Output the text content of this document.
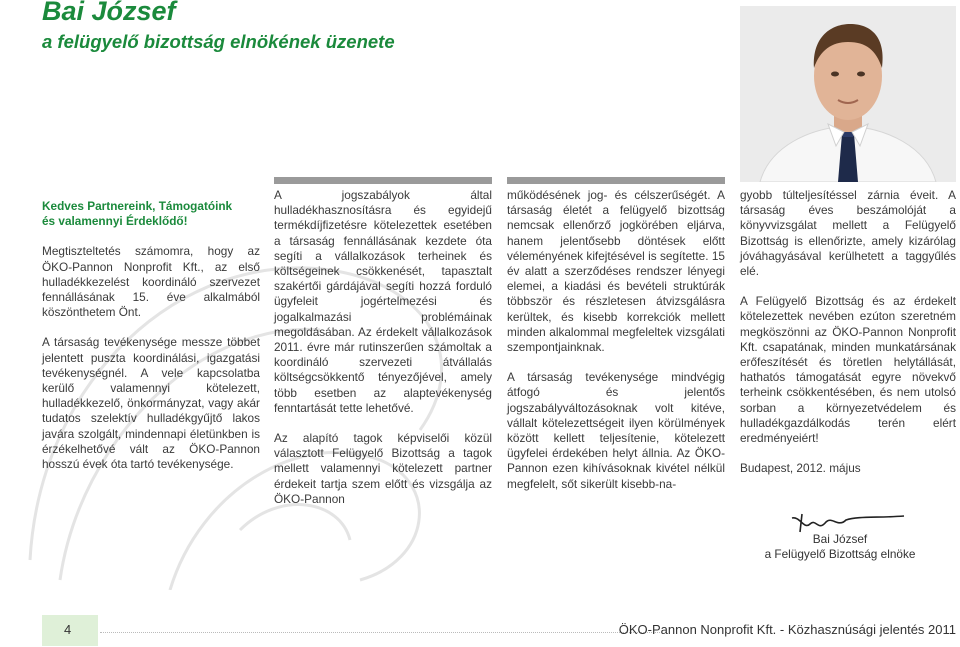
Bai József
a felügyelő bizottság elnökének üzenete

Kedves Partnereink, Támogatóink
és valamennyi Érdeklődő!

Megtiszteltetés számomra, hogy az ÖKO-Pannon Nonprofit Kft., az első hulladékkezelést koordináló szervezet fennállásának 15. éve alkalmából köszönthetem Önt.

A társaság tevékenysége messze többet jelentett puszta koordinálási, igazgatási tevékenységnél. A vele kapcsolatba kerülő valamennyi kötelezett, hulladékkezelő, önkormányzat, vagy akár tudatos szelektív hulladékgyűjtő lakos javára szolgált, mindennapi életünkben is érzékelhetővé vált az ÖKO-Pannon hosszú évek óta tartó tevékenysége.

A jogszabályok által hulladékhasznosításra és egyidejű termékdíjfizetésre kötelezettek esetében a társaság fennállásának kezdete óta segíti a vállalkozások terheinek és költségeinek csökkenését, tapasztalt szakértői gárdájával segíti hozzá forduló ügyfeleit jogértelmezési és jogalkalmazási problémáinak megoldásában. Az érdekelt vállalkozások 2011. évre már rutinszerűen számoltak a koordináló szervezeti átvállalás költségcsökkentő tényezőjével, amely több esetben az alaptevékenység fenntartását tette lehetővé.

Az alapító tagok képviselői közül választott Felügyelő Bizottság a tagok mellett valamennyi kötelezett partner érdekeit tartja szem előtt és vizsgálja az ÖKO-Pannon

működésének jog- és célszerűségét. A társaság életét a felügyelő bizottság nemcsak ellenőrző jogkörében eljárva, hanem jelentősebb döntések előtt véleményének kifejtésével is segítette. 15 év alatt a szerződéses rendszer lényegi elemei, a kiadási és bevételi struktúrák többször és részletesen átvizsgálásra kerültek, és kisebb korrekciók mellett minden alkalommal megfeleltek vizsgálati szempontjainknak.

A társaság tevékenysége mindvégig átfogó és jelentős jogszabályváltozásoknak volt kitéve, vállalt kötelezettségeit ilyen körülmények között kellett teljesítenie, kötelezett ügyfelei érdekében helyt állnia. Az ÖKO-Pannon ezen kihívásoknak kivétel nélkül megfelelt, sőt sikerült kisebb-na-

gyobb túlteljesítéssel zárnia éveit. A társaság éves beszámolóját a könyvvizsgálat mellett a Felügyelő Bizottság is ellenőrizte, amely kizárólag jóváhagyásával kerülhetett a taggyűlés elé.

A Felügyelő Bizottság és az érdekelt kötelezettek nevében ezúton szeretném megköszönni az ÖKO-Pannon Nonprofit Kft. csapatának, minden munkatársának erőfeszítését és töretlen helytállását, hathatós támogatását egyre növekvő terheink csökkentésében, és nem utolsó sorban a környezetvédelem és hulladékgazdálkodás terén elért eredményeiért!

Budapest, 2012. május

Bai József
a Felügyelő Bizottság elnöke
4	ÖKO-Pannon Nonprofit Kft. - Közhasznúsági jelentés 2011
